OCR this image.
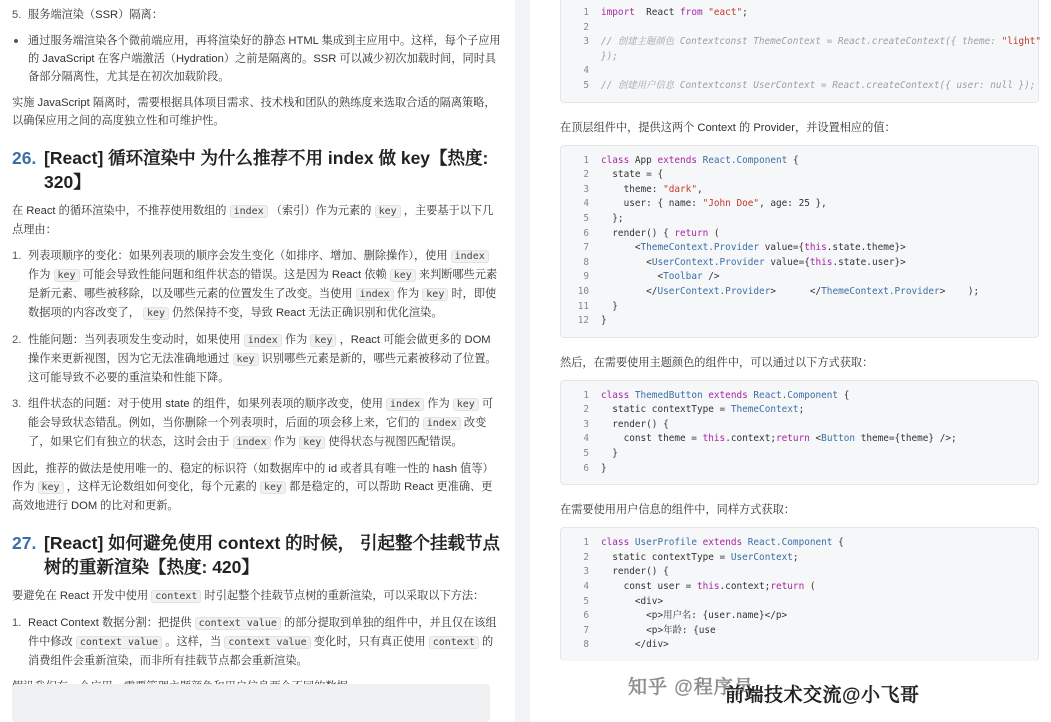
5. 服务端渲染（SSR）隔离：
通过服务端渲染各个微前端应用，再将渲染好的静态 HTML 集成到主应用中。这样，每个子应用的 JavaScript 在客户端激活（Hydration）之前是隔离的。SSR 可以减少初次加载时间，同时具备部分隔离性，尤其是在初次加载阶段。

实施 JavaScript 隔离时，需要根据具体项目需求、技术栈和团队的熟练度来选取合适的隔离策略，以确保应用之间的高度独立性和可维护性。

26. [React] 循环渲染中 为什么推荐不用 index 做 key【热度: 320】

在 React 的循环渲染中，不推荐使用数组的 index （索引）作为元素的 key ，主要基于以下几点理由：

1. 列表项顺序的变化：如果列表项的顺序会发生变化（如排序、增加、删除操作），使用 index 作为 key 可能会导致性能问题和组件状态的错误。这是因为 React 依赖 key 来判断哪些元素是新元素、哪些被移除，以及哪些元素的位置发生了改变。当使用 index 作为 key 时，即使数据项的内容改变了， key 仍然保持不变，导致 React 无法正确识别和优化渲染。
2. 性能问题：当列表项发生变动时，如果使用 index 作为 key ，React 可能会做更多的 DOM 操作来更新视图，因为它无法准确地通过 key 识别哪些元素是新的，哪些元素被移动了位置。这可能导致不必要的重渲染和性能下降。
3. 组件状态的问题：对于使用 state 的组件，如果列表项的顺序改变，使用 index 作为 key 可能会导致状态错乱。例如，当你删除一个列表项时，后面的项会移上来，它们的 index 改变了，如果它们有独立的状态，这时会由于 index 作为 key 使得状态与视图匹配错误。

因此，推荐的做法是使用唯一的、稳定的标识符（如数据库中的 id 或者具有唯一性的 hash 值等）作为 key ，这样无论数组如何变化，每个元素的 key 都是稳定的，可以帮助 React 更准确、更高效地进行 DOM 的比对和更新。

27. [React] 如何避免使用 context 的时候， 引起整个挂载节点树的重新渲染【热度: 420】

要避免在 React 开发中使用 context 时引起整个挂载节点树的重新渲染，可以采取以下方法：

1. React Context 数据分割：把提供 context value 的部分提取到单独的组件中，并且仅在该组件中修改 context value 。这样，当 context value 变化时，只有真正使用 context 的消费组件会重新渲染，而非所有挂载节点都会重新渲染。

1 import  React from "eact";
2
3 // 创建主题颜色 Contextconst ThemeContext = React.createContext({ theme: "light"
});
4
5 // 创建用户信息 Contextconst UserContext = React.createContext({ user: null });

在顶层组件中，提供这两个 Context 的 Provider，并设置相应的值：

1 class App extends React.Component {
2  state = {
3    theme: "dark",
4    user: { name: "John Doe", age: 25 },
5  };
6  render() { return (
7      <ThemeContext.Provider value={this.state.theme}>
8        <UserContext.Provider value={this.state.user}>
9          <Toolbar />
10        </UserContext.Provider>      </ThemeContext.Provider>    );
11  }
12 }

然后，在需要使用主题颜色的组件中，可以通过以下方式获取：

1 class ThemedButton extends React.Component {
2  static contextType = ThemeContext;
3  render() {
4    const theme = this.context;return <Button theme={theme} />;
5  }
6 }

在需要使用用户信息的组件中，同样方式获取：

1 class UserProfile extends React.Component {
2  static contextType = UserContext;
3  render() {
4    const user = this.context;return (
5      <div>
6        <p>用户名: {user.name}</p>
7        <p>年龄: {use
8      </div>
知乎 @程序员
前端技术交流@小飞哥
